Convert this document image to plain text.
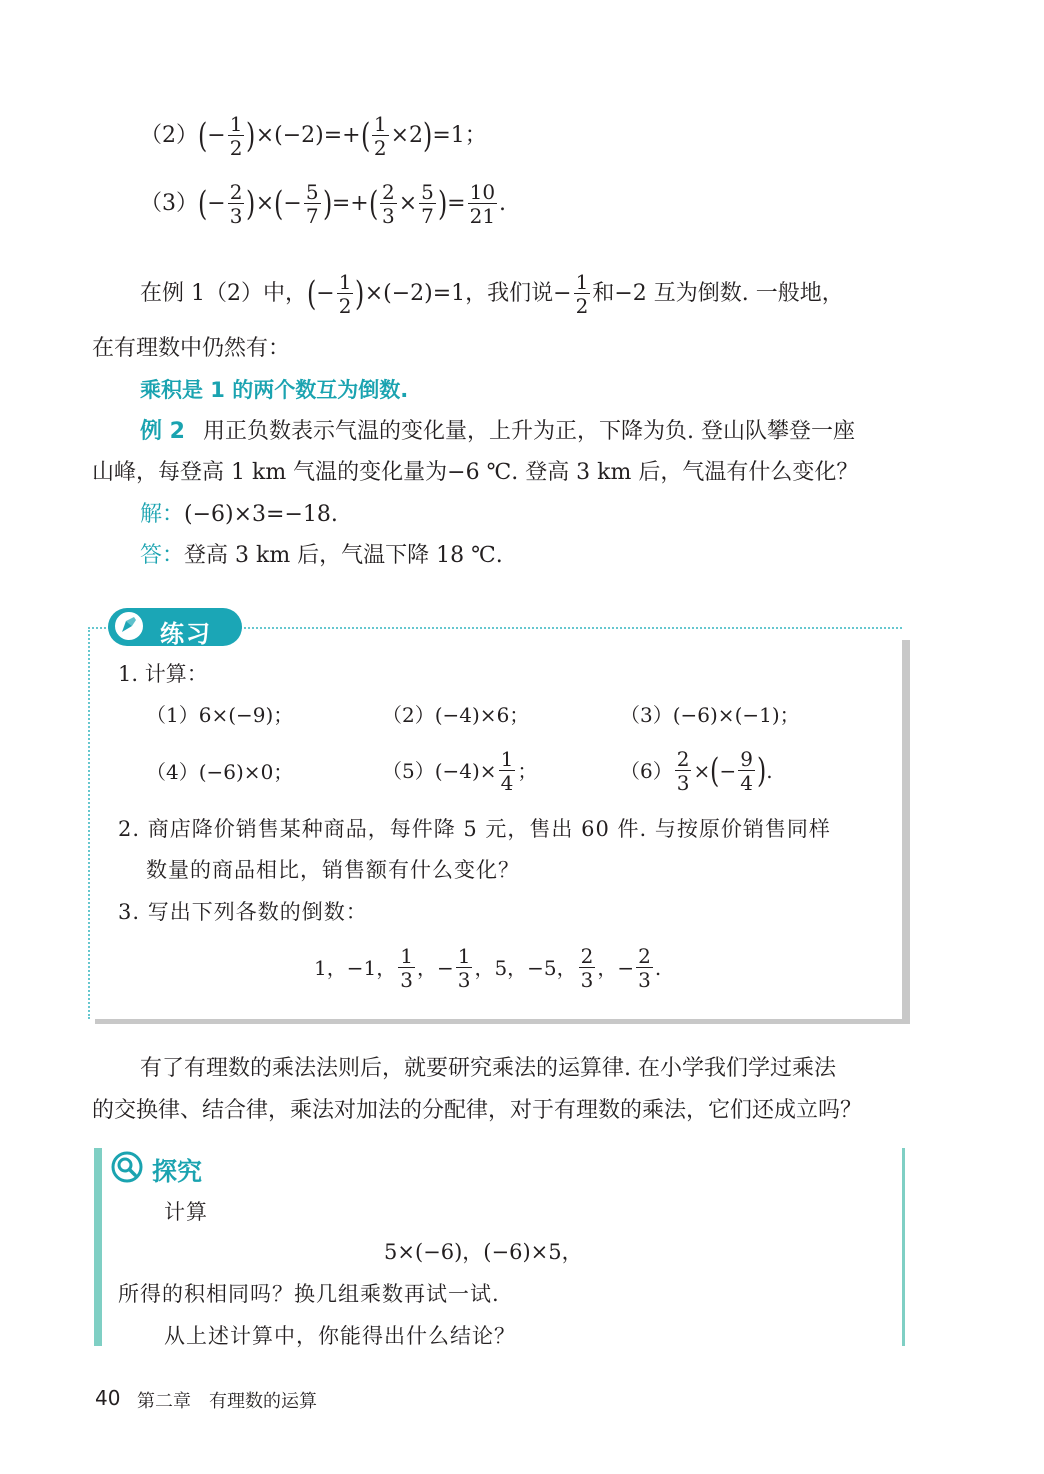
（2） ( − $\frac{1}{2}$ ) ×(−2)=+ ( $\frac{1}{2} \times 2$ ) =1；
（3） ( − $\frac{2}{3}$ ) × ( − $\frac{5}{7}$ ) =+ ( $\frac{2}{3} \times \frac{5}{7}$ ) = $\frac{10}{21}$ .
在例 1（2）中， ( − $\frac{1}{2}$ ) ×(−2)=1，我们说− $\frac{1}{2}$ 和−2 互为倒数. 一般地，
在有理数中仍然有：
乘积是 1 的两个数互为倒数.
例 2 用正负数表示气温的变化量，上升为正，下降为负. 登山队攀登一座
山峰，每登高 1 km 气温的变化量为−6 ℃. 登高 3 km 后，气温有什么变化？
解： (−6)×3=−18.
答： 登高 3 km 后，气温下降 18 ℃.
练习
1. 计算：
（1）6×(−9)；	（2）(−4)×6；	（3）(−6)×(−1)；
（4）(−6)×0；	$(5)(-4)\times \frac{1}{4}$ ；	$(6) \frac{2}{3}$ × ( − $\frac{9}{4}$ ) .
2. 商店降价销售某种商品，每件降 5 元，售出 60 件. 与按原价销售同样
数量的商品相比，销售额有什么变化？
3. 写出下列各数的倒数：
1，−1， $\frac{1}{3}$ ，− $\frac{1}{3}$ ，5，−5， $\frac{2}{3}$ ，− $\frac{2}{3}$ .
有了有理数的乘法法则后，就要研究乘法的运算律. 在小学我们学过乘法
的交换律、结合律，乘法对加法的分配律，对于有理数的乘法，它们还成立吗？
探究
计算
5×(−6)，(−6)×5，
所得的积相同吗？换几组乘数再试一试.
从上述计算中，你能得出什么结论？
40 第二章　有理数的运算
